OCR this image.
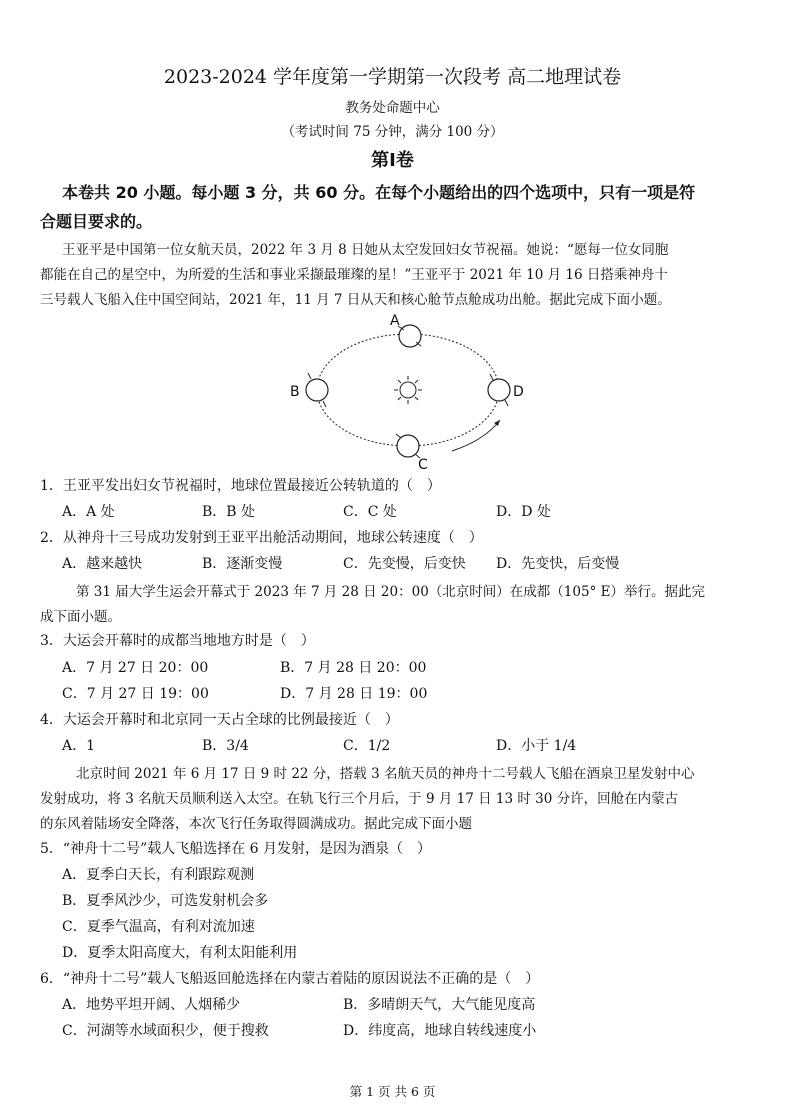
2023-2024 学年度第一学期第一次段考 高二地理试卷
教务处命题中心
（考试时间 75 分钟，满分 100 分）
第Ⅰ卷
本卷共 20 小题。每小题 3 分，共 60 分。在每个小题给出的四个选项中，只有一项是符
合题目要求的。
王亚平是中国第一位女航天员，2022 年 3 月 8 日她从太空发回妇女节祝福。她说：“愿每一位女同胞
都能在自己的星空中，为所爱的生活和事业采撷最璀璨的星！”王亚平于 2021 年 10 月 16 日搭乘神舟十
三号载人飞船入住中国空间站，2021 年，11 月 7 日从天和核心舱节点舱成功出舱。据此完成下面小题。
A
B	D
C
1．王亚平发出妇女节祝福时，地球位置最接近公转轨道的（　）
A．A 处	B．B 处	C．C 处	D．D 处
2．从神舟十三号成功发射到王亚平出舱活动期间，地球公转速度（　）
A．越来越快	B．逐渐变慢	C．先变慢，后变快 D．先变快，后变慢
第 31 届大学生运会开幕式于 2023 年 7 月 28 日 20：00（北京时间）在成都（105° E）举行。据此完
成下面小题。
3．大运会开幕时的成都当地地方时是（　）
A．7 月 27 日 20：00	B．7 月 28 日 20：00
C．7 月 27 日 19：00	D．7 月 28 日 19：00
4．大运会开幕时和北京同一天占全球的比例最接近（　）
A．1	B．3/4	C．1/2	D．小于 1/4
北京时间 2021 年 6 月 17 日 9 时 22 分，搭载 3 名航天员的神舟十二号载人飞船在酒泉卫星发射中心
发射成功，将 3 名航天员顺利送入太空。在轨飞行三个月后，于 9 月 17 日 13 时 30 分许，回舱在内蒙古
的东风着陆场安全降落，本次飞行任务取得圆满成功。据此完成下面小题
5．“神舟十二号”载人飞船选择在 6 月发射，是因为酒泉（　）
A．夏季白天长，有利跟踪观测
B．夏季风沙少，可选发射机会多
C．夏季气温高，有利对流加速
D．夏季太阳高度大，有利太阳能利用
6．“神舟十二号”载人飞船返回舱选择在内蒙古着陆的原因说法不正确的是（　）
A．地势平坦开阔、人烟稀少	B．多晴朗天气，大气能见度高
C．河湖等水域面积少，便于搜救	D．纬度高，地球自转线速度小
第 1 页 共 6 页
